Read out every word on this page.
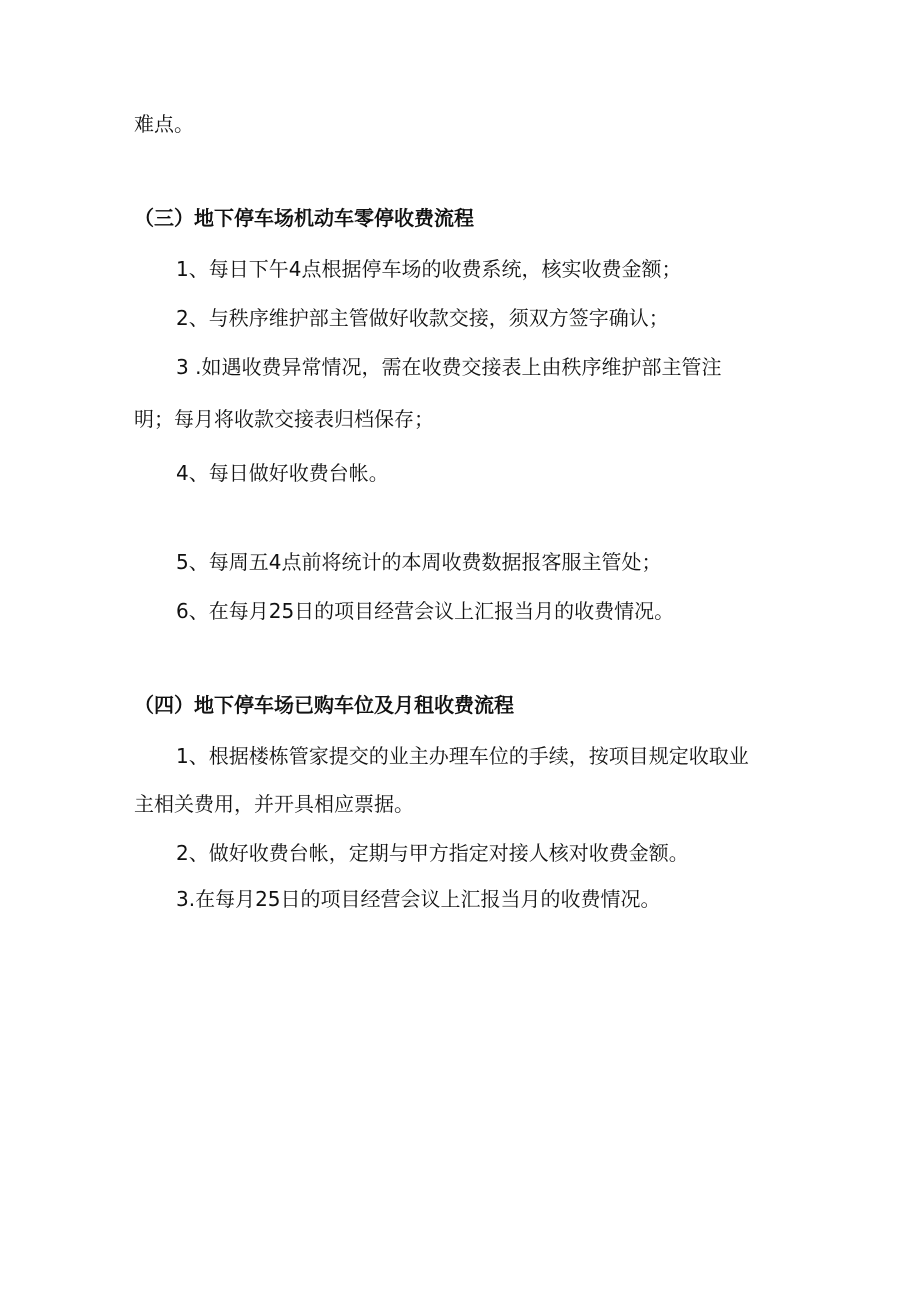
难点。

（三）地下停车场机动车零停收费流程

1、每日下午4点根据停车场的收费系统，核实收费金额；

2、与秩序维护部主管做好收款交接，须双方签字确认；

3 .如遇收费异常情况，需在收费交接表上由秩序维护部主管注

明；每月将收款交接表归档保存；

4、每日做好收费台帐。

5、每周五4点前将统计的本周收费数据报客服主管处；

6、在每月25日的项目经营会议上汇报当月的收费情况。

（四）地下停车场已购车位及月租收费流程

1、根据楼栋管家提交的业主办理车位的手续，按项目规定收取业

主相关费用，并开具相应票据。

2、做好收费台帐，定期与甲方指定对接人核对收费金额。

3.在每月25日的项目经营会议上汇报当月的收费情况。
